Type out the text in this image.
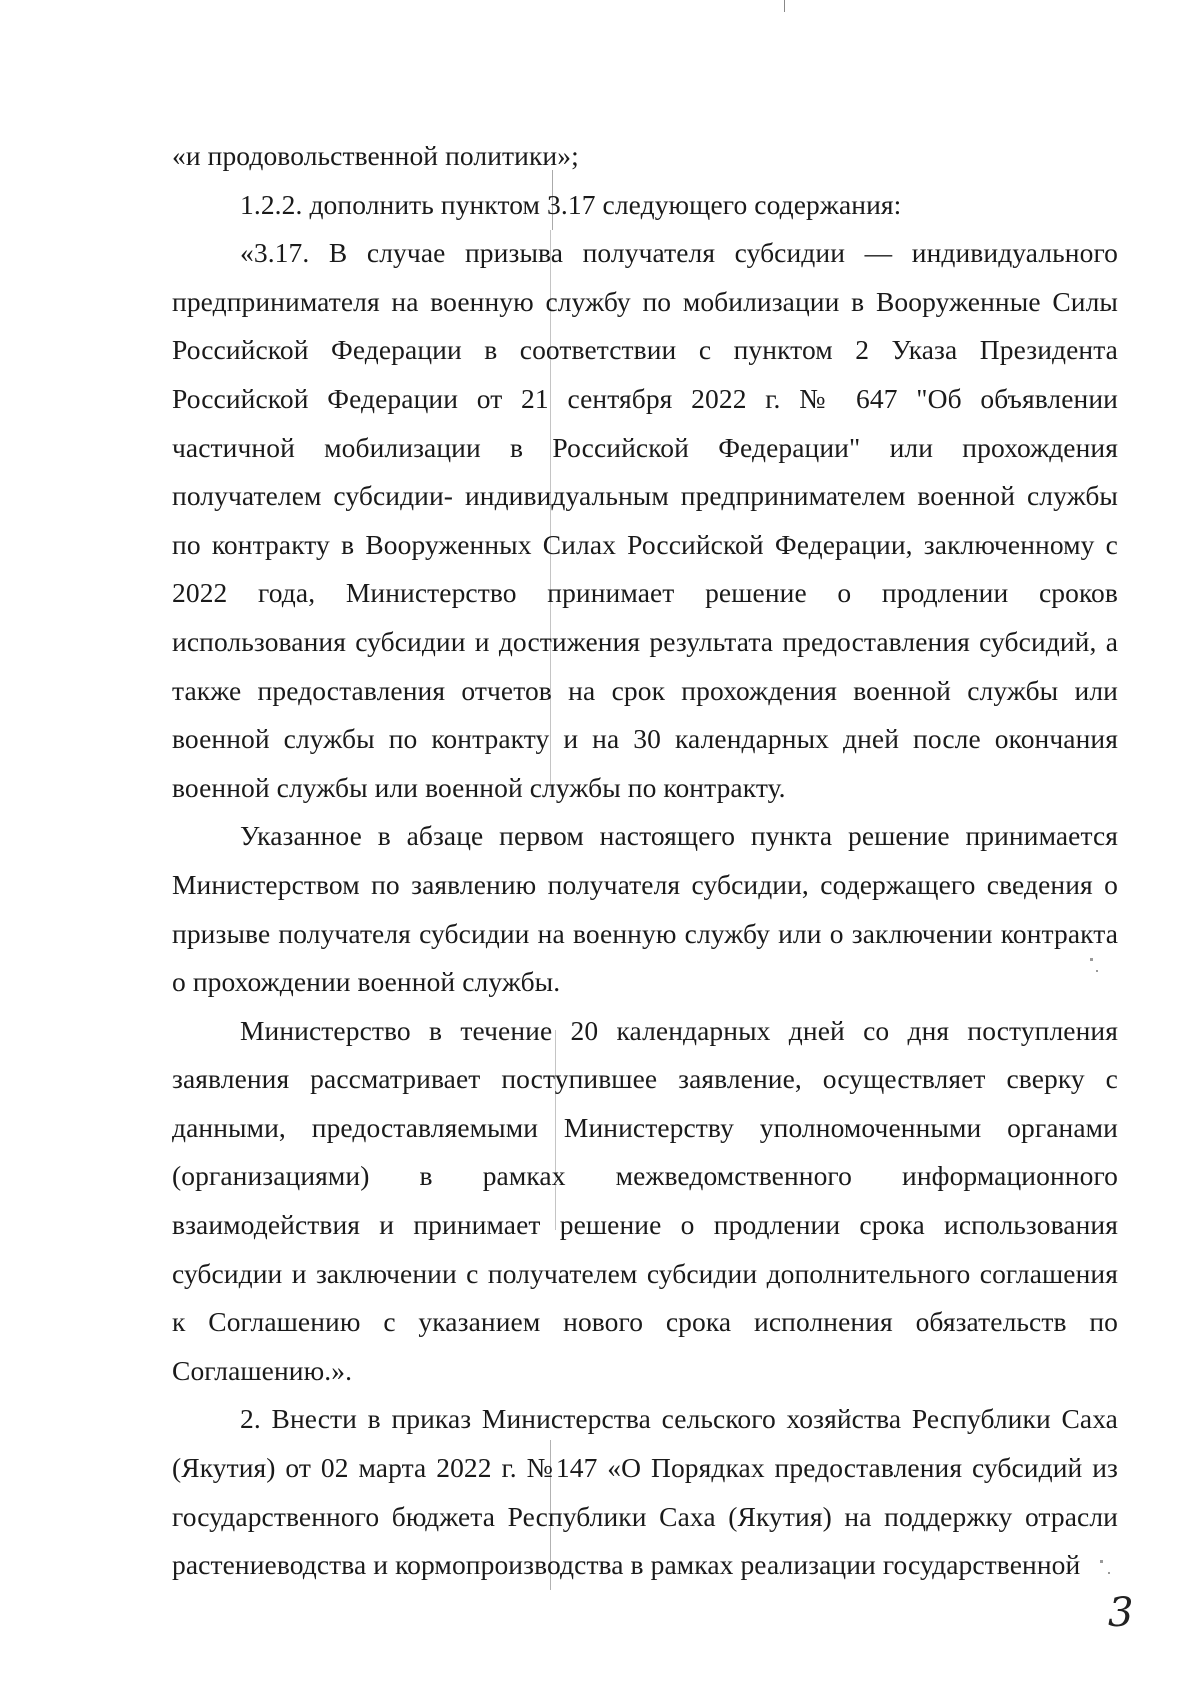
«и продовольственной политики»;

1.2.2. дополнить пунктом 3.17 следующего содержания:

«3.17. В случае призыва получателя субсидии — индивидуального предпринимателя на военную службу по мобилизации в Вооруженные Силы Российской Федерации в соответствии с пунктом 2 Указа Президента Российской Федерации от 21 сентября 2022 г. № 647 "Об объявлении частичной мобилизации в Российской Федерации" или прохождения получателем субсидии- индивидуальным предпринимателем военной службы по контракту в Вооруженных Силах Российской Федерации, заключенному с 2022 года, Министерство принимает решение о продлении сроков использования субсидии и достижения результата предоставления субсидий, а также предоставления отчетов на срок прохождения военной службы или военной службы по контракту и на 30 календарных дней после окончания военной службы или военной службы по контракту.

Указанное в абзаце первом настоящего пункта решение принимается Министерством по заявлению получателя субсидии, содержащего сведения о призыве получателя субсидии на военную службу или о заключении контракта о прохождении военной службы.

Министерство в течение 20 календарных дней со дня поступления заявления рассматривает поступившее заявление, осуществляет сверку с данными, предоставляемыми Министерству уполномоченными органами (организациями) в рамках межведомственного информационного взаимодействия и принимает решение о продлении срока использования субсидии и заключении с получателем субсидии дополнительного соглашения к Соглашению с указанием нового срока исполнения обязательств по Соглашению.».

2. Внести в приказ Министерства сельского хозяйства Республики Саха (Якутия) от 02 марта 2022 г. №147 «О Порядках предоставления субсидий из государственного бюджета Республики Саха (Якутия) на поддержку отрасли растениеводства и кормопроизводства в рамках реализации государственной

3
